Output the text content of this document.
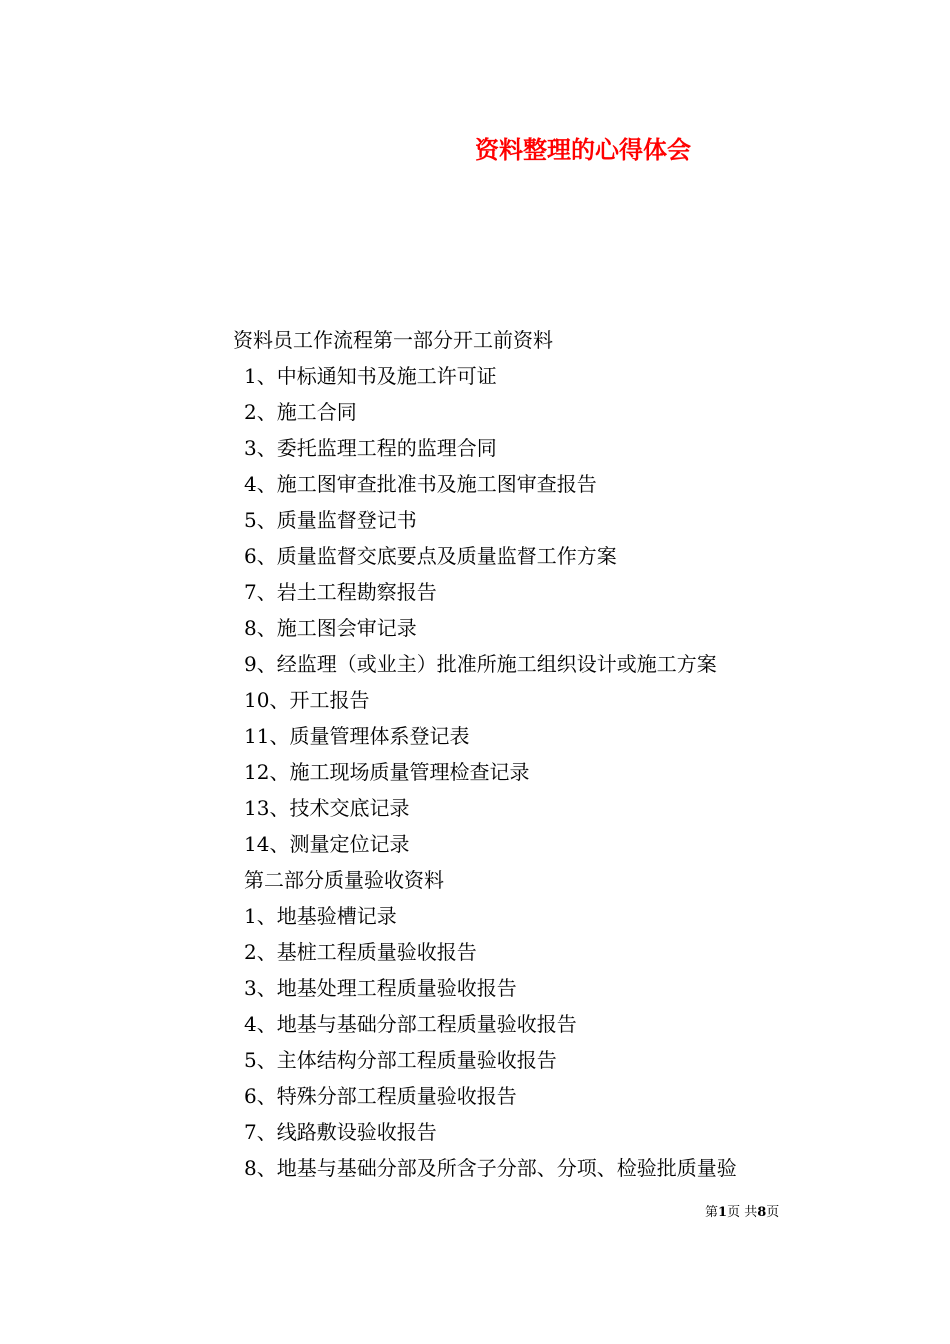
资料整理的心得体会
资料员工作流程第一部分开工前资料
1、中标通知书及施工许可证
2、施工合同
3、委托监理工程的监理合同
4、施工图审查批准书及施工图审查报告
5、质量监督登记书
6、质量监督交底要点及质量监督工作方案
7、岩土工程勘察报告
8、施工图会审记录
9、经监理（或业主）批准所施工组织设计或施工方案
10、开工报告
11、质量管理体系登记表
12、施工现场质量管理检查记录
13、技术交底记录
14、测量定位记录
第二部分质量验收资料
1、地基验槽记录
2、基桩工程质量验收报告
3、地基处理工程质量验收报告
4、地基与基础分部工程质量验收报告
5、主体结构分部工程质量验收报告
6、特殊分部工程质量验收报告
7、线路敷设验收报告
8、地基与基础分部及所含子分部、分项、检验批质量验
第1页 共8页
